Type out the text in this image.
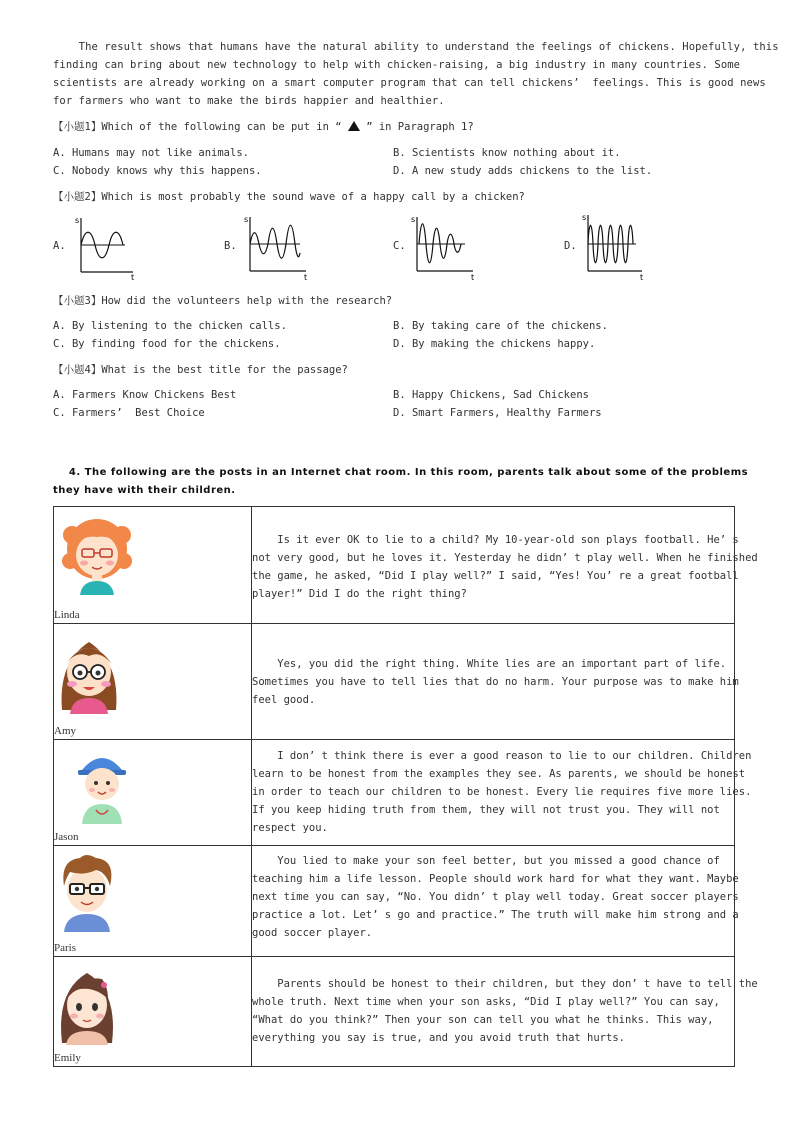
The result shows that humans have the natural ability to understand the feelings of chickens. Hopefully, this
finding can bring about new technology to help with chicken-raising, a big industry in many countries. Some
scientists are already working on a smart computer program that can tell chickens’  feelings. This is good news
for farmers who want to make the birds happier and healthier.
【小题1】Which of the following can be put in “  ” in Paragraph 1?
A. Humans may not like animals.	B. Scientists know nothing about it.
C. Nobody knows why this happens.	D. A new study adds chickens to the list.
【小题2】Which is most probably the sound wave of a happy call by a chicken?
A.
s
t
B.
s
t
C.
s
t
D.
s
t
【小题3】How did the volunteers help with the research?
A. By listening to the chicken calls.	B. By taking care of the chickens.
C. By finding food for the chickens.	D. By making the chickens happy.
【小题4】What is the best title for the passage?
A. Farmers Know Chickens Best	B. Happy Chickens, Sad Chickens
C. Farmers’  Best Choice	D. Smart Farmers, Healthy Farmers
4. The following are the posts in an Internet chat room. In this room, parents talk about some of the problems
they have with their children.
Linda	Is it ever OK to lie to a child? My 10-year-old son plays football. He’ s
not very good, but he loves it. Yesterday he didn’ t play well. When he finished
the game, he asked, “Did I play well?” I said, “Yes! You’ re a great football
player!” Did I do the right thing?

Amy	Yes, you did the right thing. White lies are an important part of life.
Sometimes you have to tell lies that do no harm. Your purpose was to make him
feel good.

Jason	I don’ t think there is ever a good reason to lie to our children. Children
learn to be honest from the examples they see. As parents, we should be honest
in order to teach our children to be honest. Every lie requires five more lies.
If you keep hiding truth from them, they will not trust you. They will not
respect you.

Paris	You lied to make your son feel better, but you missed a good chance of
teaching him a life lesson. People should work hard for what they want. Maybe
next time you can say, “No. You didn’ t play well today. Great soccer players
practice a lot. Let’ s go and practice.” The truth will make him strong and a
good soccer player.

Emily	Parents should be honest to their children, but they don’ t have to tell the
whole truth. Next time when your son asks, “Did I play well?” You can say,
“What do you think?” Then your son can tell you what he thinks. This way,
everything you say is true, and you avoid truth that hurts.
